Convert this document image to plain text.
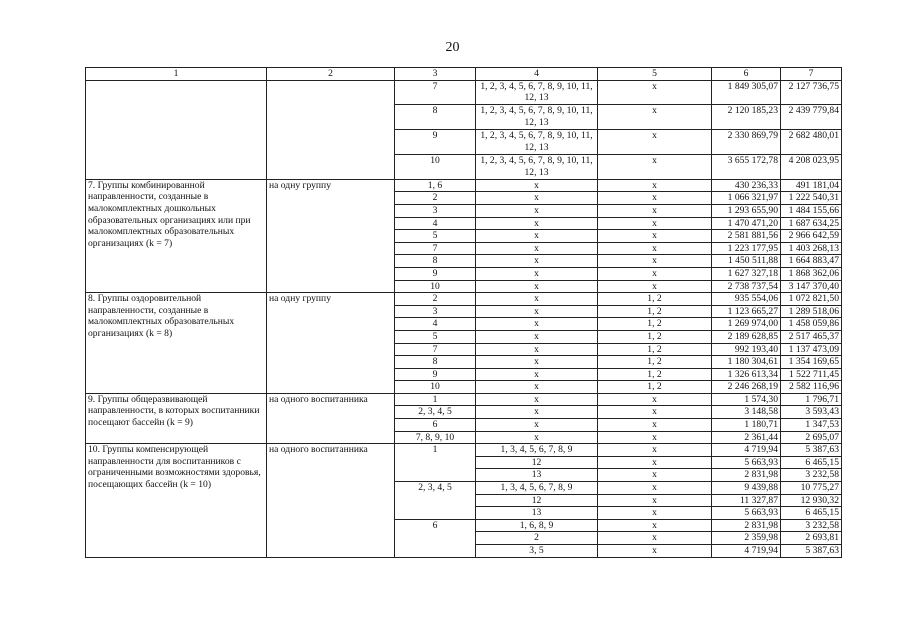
20
1	2	3	4	5	6	7
		7	1, 2, 3, 4, 5, 6, 7, 8, 9, 10, 11, 12, 13	x	1 849 305,07	2 127 736,75
		8	1, 2, 3, 4, 5, 6, 7, 8, 9, 10, 11, 12, 13	x	2 120 185,23	2 439 779,84
		9	1, 2, 3, 4, 5, 6, 7, 8, 9, 10, 11, 12, 13	x	2 330 869,79	2 682 480,01
		10	1, 2, 3, 4, 5, 6, 7, 8, 9, 10, 11, 12, 13	x	3 655 172,78	4 208 023,95
7. Группы комбинированной направленности, созданные в малокомплектных дошкольных образовательных организациях или при малокомплектных образовательных организациях (k = 7)	на одну группу	1, 6	x	x	430 236,33	491 181,04
		2	x	x	1 066 321,97	1 222 540,31
		3	x	x	1 293 655,90	1 484 155,66
		4	x	x	1 470 471,20	1 687 634,25
		5	x	x	2 581 881,56	2 966 642,59
		7	x	x	1 223 177,95	1 403 268,13
		8	x	x	1 450 511,88	1 664 883,47
		9	x	x	1 627 327,18	1 868 362,06
		10	x	x	2 738 737,54	3 147 370,40
8. Группы оздоровительной направленности, созданные в малокомплектных образовательных организациях (k = 8)	на одну группу	2	x	1, 2	935 554,06	1 072 821,50
		3	x	1, 2	1 123 665,27	1 289 518,06
		4	x	1, 2	1 269 974,00	1 458 059,86
		5	x	1, 2	2 189 628,85	2 517 465,37
		7	x	1, 2	992 193,40	1 137 473,09
		8	x	1, 2	1 180 304,61	1 354 169,65
		9	x	1, 2	1 326 613,34	1 522 711,45
		10	x	1, 2	2 246 268,19	2 582 116,96
9. Группы общеразвивающей направленности, в которых воспитанники посещают бассейн (k = 9)	на одного воспитанника	1	x	x	1 574,30	1 796,71
		2, 3, 4, 5	x	x	3 148,58	3 593,43
		6	x	x	1 180,71	1 347,53
		7, 8, 9, 10	x	x	2 361,44	2 695,07
10. Группы компенсирующей направленности для воспитанников с ограниченными возможностями здоровья, посещающих бассейн (k = 10)	на одного воспитанника	1	1, 3, 4, 5, 6, 7, 8, 9	x	4 719,94	5 387,63
			12	x	5 663,93	6 465,15
			13	x	2 831,98	3 232,58
		2, 3, 4, 5	1, 3, 4, 5, 6, 7, 8, 9	x	9 439,88	10 775,27
			12	x	11 327,87	12 930,32
			13	x	5 663,93	6 465,15
		6	1, 6, 8, 9	x	2 831,98	3 232,58
			2	x	2 359,98	2 693,81
			3, 5	x	4 719,94	5 387,63
